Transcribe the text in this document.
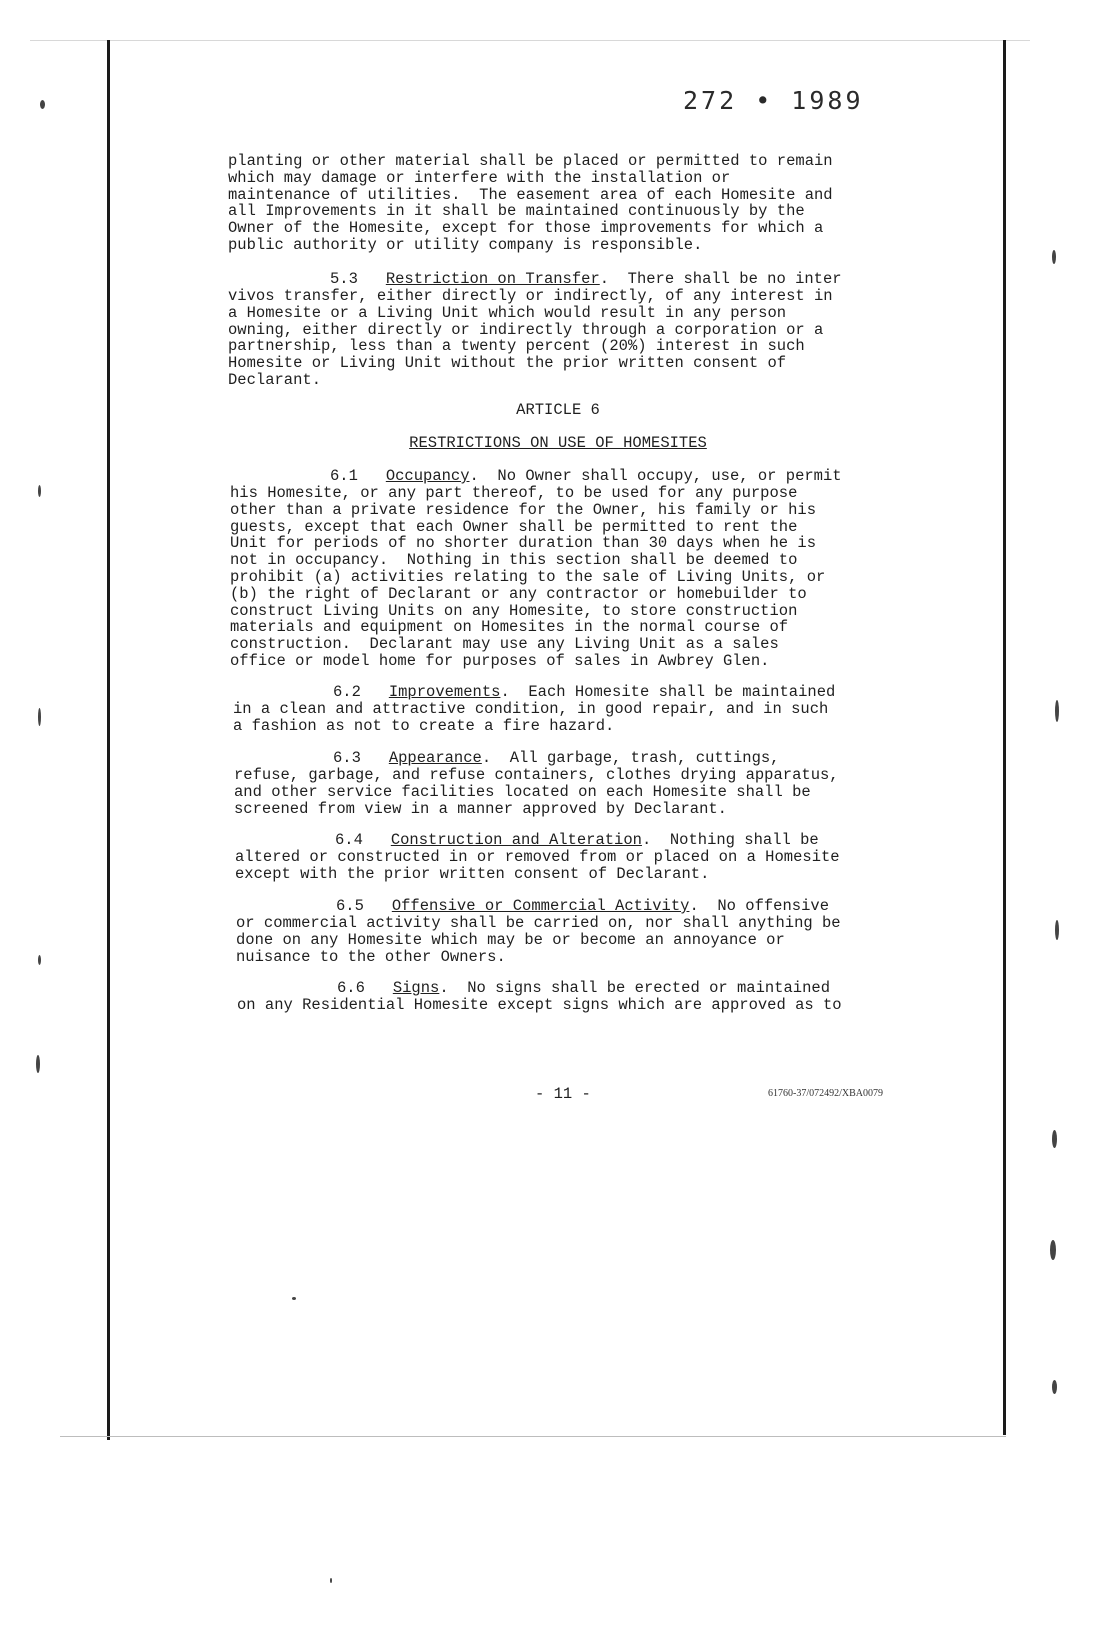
272 • 1989
planting or other material shall be placed or permitted to remain
which may damage or interfere with the installation or
maintenance of utilities.  The easement area of each Homesite and
all Improvements in it shall be maintained continuously by the
Owner of the Homesite, except for those improvements for which a
public authority or utility company is responsible.
5.3 Restriction on Transfer.  There shall be no inter
vivos transfer, either directly or indirectly, of any interest in
a Homesite or a Living Unit which would result in any person
owning, either directly or indirectly through a corporation or a
partnership, less than a twenty percent (20%) interest in such
Homesite or Living Unit without the prior written consent of
Declarant.
ARTICLE 6
RESTRICTIONS ON USE OF HOMESITES
6.1 Occupancy.  No Owner shall occupy, use, or permit
his Homesite, or any part thereof, to be used for any purpose
other than a private residence for the Owner, his family or his
guests, except that each Owner shall be permitted to rent the
Unit for periods of no shorter duration than 30 days when he is
not in occupancy.  Nothing in this section shall be deemed to
prohibit (a) activities relating to the sale of Living Units, or
(b) the right of Declarant or any contractor or homebuilder to
construct Living Units on any Homesite, to store construction
materials and equipment on Homesites in the normal course of
construction.  Declarant may use any Living Unit as a sales
office or model home for purposes of sales in Awbrey Glen.
6.2 Improvements.  Each Homesite shall be maintained
in a clean and attractive condition, in good repair, and in such
a fashion as not to create a fire hazard.
6.3 Appearance.  All garbage, trash, cuttings,
refuse, garbage, and refuse containers, clothes drying apparatus,
and other service facilities located on each Homesite shall be
screened from view in a manner approved by Declarant.
6.4 Construction and Alteration.  Nothing shall be
altered or constructed in or removed from or placed on a Homesite
except with the prior written consent of Declarant.
6.5 Offensive or Commercial Activity.  No offensive
or commercial activity shall be carried on, nor shall anything be
done on any Homesite which may be or become an annoyance or
nuisance to the other Owners.
6.6 Signs.  No signs shall be erected or maintained
on any Residential Homesite except signs which are approved as to
- 11 -	61760-37/072492/XBA0079
